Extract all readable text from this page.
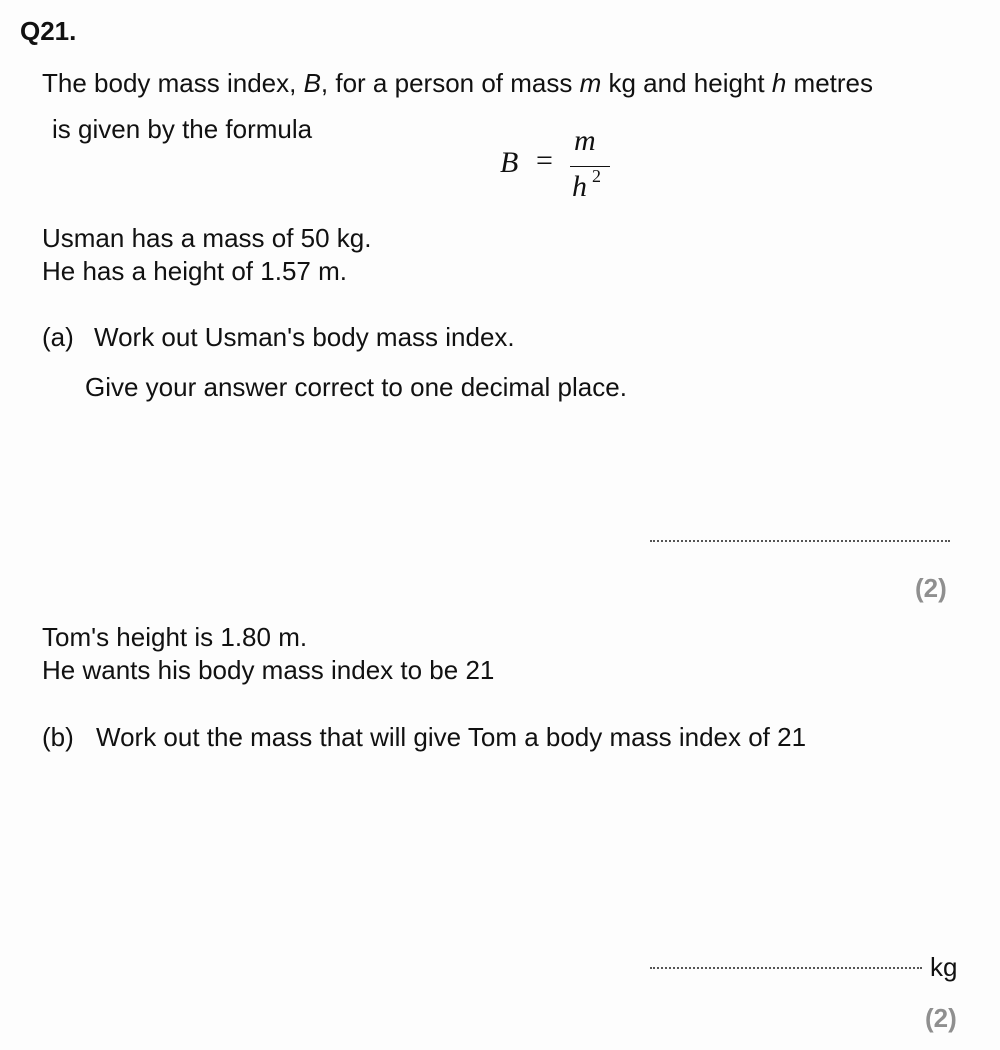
Q21.
The body mass index, B, for a person of mass m kg and height h metres
is given by the formula
B =
m
h 2
Usman has a mass of 50 kg.
He has a height of 1.57 m.
(a) Work out Usman's body mass index.
Give your answer correct to one decimal place.
(2)
Tom's height is 1.80 m.
He wants his body mass index to be 21
(b) Work out the mass that will give Tom a body mass index of 21
kg
(2)
